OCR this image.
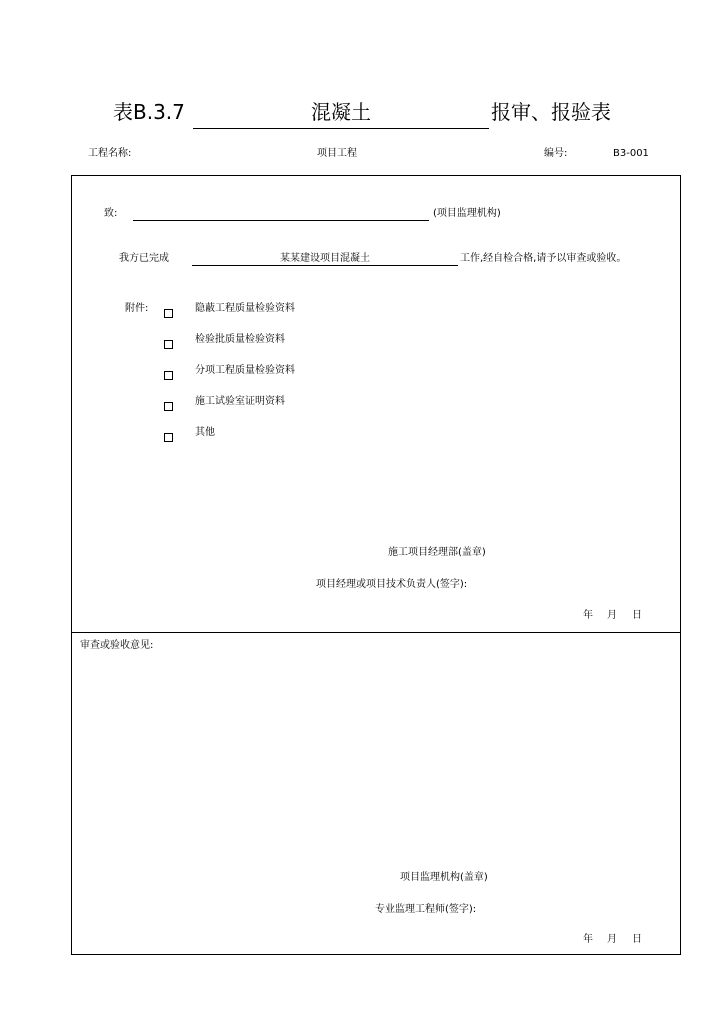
表B.3.7	混凝土	报审、报验表
工程名称:	项目工程	编号:	B3-001
致:	(项目监理机构)
我方已完成	某某建设项目混凝土	工作,经自检合格,请予以审查或验收。
附件:	隐蔽工程质量检验资料
检验批质量检验资料
分项工程质量检验资料
施工试验室证明资料
其他
施工项目经理部(盖章)
项目经理或项目技术负责人(签字):
年 月 日
审查或验收意见:
项目监理机构(盖章)
专业监理工程师(签字):
年 月 日
